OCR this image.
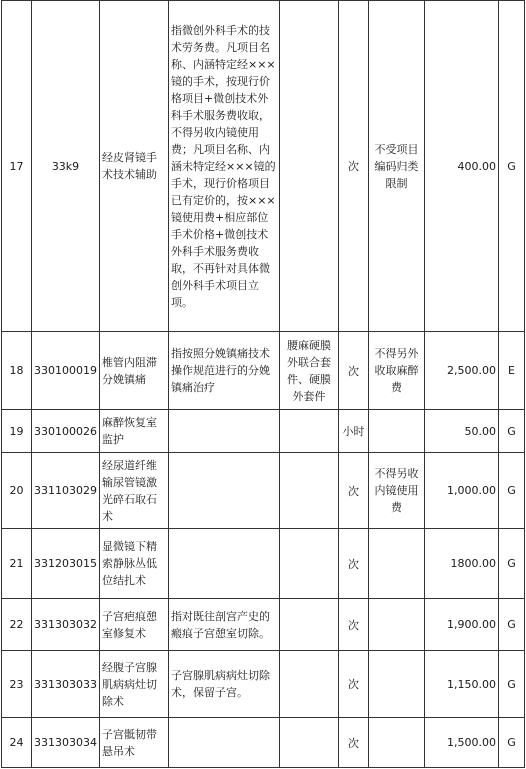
17	33k9	经皮肾镜手术技术辅助	指微创外科手术的技术劳务费。凡项目名称、内涵特定经×××镜的手术，按现行价格项目+微创技术外科手术服务费收取，不得另收内镜使用费；凡项目名称、内涵未特定经×××镜的手术，现行价格项目已有定价的，按×××镜使用费+相应部位手术价格+微创技术外科手术服务费收取，不再针对具体微创外科手术项目立项。		次	不受项目编码归类限制	400.00	G
18	330100019	椎管内阻滞分娩镇痛	指按照分娩镇痛技术操作规范进行的分娩镇痛治疗	腰麻硬膜外联合套件、硬膜外套件	次	不得另外收取麻醉费	2,500.00	E
19	330100026	麻醉恢复室监护			小时		50.00	G
20	331103029	经尿道纤维输尿管镜激光碎石取石术			次	不得另收内镜使用费	1,000.00	G
21	331203015	显微镜下精索静脉丛低位结扎术			次		1800.00	G
22	331303032	子宫疤痕憩室修复术	指对既往剖宫产史的瘢痕子宫憩室切除。		次		1,900.00	G
23	331303033	经腹子宫腺肌病病灶切除术	子宫腺肌病病灶切除术，保留子宫。		次		1,150.00	G
24	331303034	子宫骶韧带悬吊术			次		1,500.00	G
